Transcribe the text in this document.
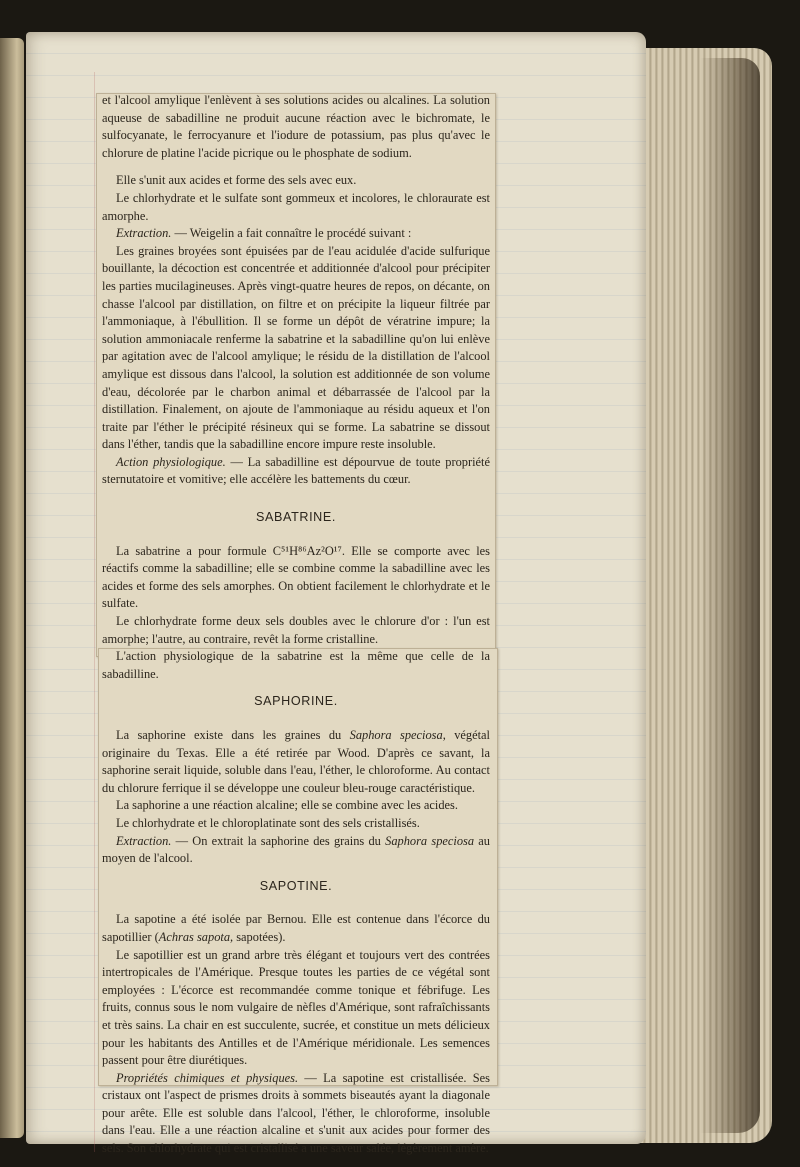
et l'alcool amylique l'enlèvent à ses solutions acides ou alcalines. La solution aqueuse de sabadilline ne produit aucune réaction avec le bichromate, le sulfocyanate, le ferrocyanure et l'iodure de potassium, pas plus qu'avec le chlorure de platine l'acide picrique ou le phosphate de sodium.

Elle s'unit aux acides et forme des sels avec eux.

Le chlorhydrate et le sulfate sont gommeux et incolores, le chloraurate est amorphe.

Extraction. — Weigelin a fait connaître le procédé suivant :

Les graines broyées sont épuisées par de l'eau acidulée d'acide sulfurique bouillante, la décoction est concentrée et additionnée d'alcool pour précipiter les parties mucilagineuses. Après vingt-quatre heures de repos, on décante, on chasse l'alcool par distillation, on filtre et on précipite la liqueur filtrée par l'ammoniaque, à l'ébullition. Il se forme un dépôt de vératrine impure; la solution ammoniacale renferme la sabatrine et la sabadilline qu'on lui enlève par agitation avec de l'alcool amylique; le résidu de la distillation de l'alcool amylique est dissous dans l'alcool, la solution est additionnée de son volume d'eau, décolorée par le charbon animal et débarrassée de l'alcool par la distillation. Finalement, on ajoute de l'ammoniaque au résidu aqueux et l'on traite par l'éther le précipité résineux qui se forme. La sabatrine se dissout dans l'éther, tandis que la sabadilline encore impure reste insoluble.

Action physiologique. — La sabadilline est dépourvue de toute propriété sternutatoire et vomitive; elle accélère les battements du cœur.

SABATRINE.

La sabatrine a pour formule C⁵¹H⁸⁶Az²O¹⁷. Elle se comporte avec les réactifs comme la sabadilline; elle se combine comme la sabadilline avec les acides et forme des sels amorphes. On obtient facilement le chlorhydrate et le sulfate.

Le chlorhydrate forme deux sels doubles avec le chlorure d'or : l'un est amorphe; l'autre, au contraire, revêt la forme cristalline.

L'action physiologique de la sabatrine est la même que celle de la sabadilline.

SAPHORINE.

La saphorine existe dans les graines du Saphora speciosa, végétal originaire du Texas. Elle a été retirée par Wood. D'après ce savant, la saphorine serait liquide, soluble dans l'eau, l'éther, le chloroforme. Au contact du chlorure ferrique il se développe une couleur bleu-rouge caractéristique.

La saphorine a une réaction alcaline; elle se combine avec les acides.

Le chlorhydrate et le chloroplatinate sont des sels cristallisés.

Extraction. — On extrait la saphorine des grains du Saphora speciosa au moyen de l'alcool.

SAPOTINE.

La sapotine a été isolée par Bernou. Elle est contenue dans l'écorce du sapotillier (Achras sapota, sapotées).

Le sapotillier est un grand arbre très élégant et toujours vert des contrées intertropicales de l'Amérique. Presque toutes les parties de ce végétal sont employées : L'écorce est recommandée comme tonique et fébrifuge. Les fruits, connus sous le nom vulgaire de nèfles d'Amérique, sont rafraîchissants et très sains. La chair en est succulente, sucrée, et constitue un mets délicieux pour les habitants des Antilles et de l'Amérique méridionale. Les semences passent pour être diurétiques.

Propriétés chimiques et physiques. — La sapotine est cristallisée. Ses cristaux ont l'aspect de prismes droits à sommets biseautés ayant la diagonale pour arête. Elle est soluble dans l'alcool, l'éther, le chloroforme, insoluble dans l'eau. Elle a une réaction alcaline et s'unit aux acides pour former des sels. Son chlorhydrate qui est cristallisé a une saveur salée, légèrement amère.
